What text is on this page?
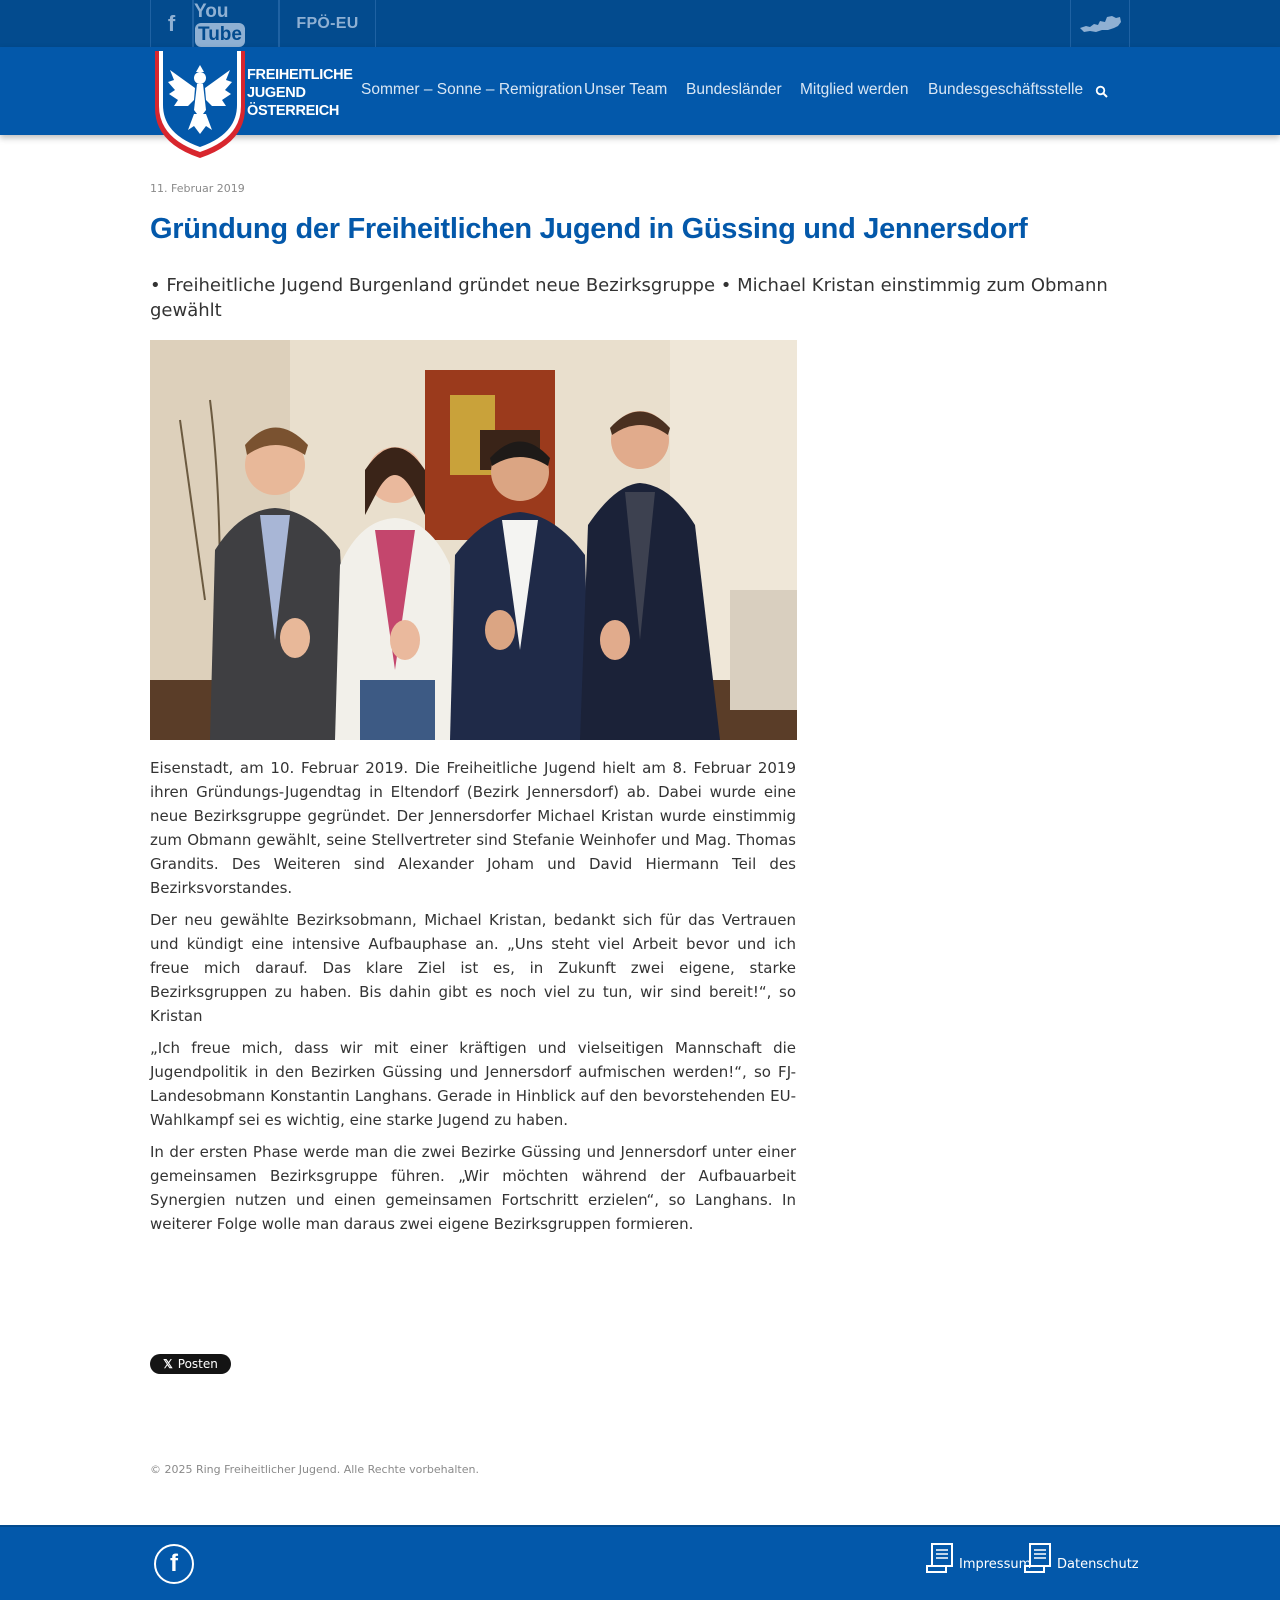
f YouTube
FPÖ-EU
FREIHEITLICHE
JUGEND
ÖSTERREICH
Sommer – Sonne – Remigration Unser Team Bundesländer Mitglied werden Bundesgeschäftsstelle
11. Februar 2019
Gründung der Freiheitlichen Jugend in Güssing und Jennersdorf

• Freiheitliche Jugend Burgenland gründet neue Bezirksgruppe • Michael Kristan einstimmig zum Obmann gewählt

Eisenstadt, am 10. Februar 2019. Die Freiheitliche Jugend hielt am 8. Februar 2019 ihren Gründungs-Jugendtag in Eltendorf (Bezirk Jennersdorf) ab. Dabei wurde eine neue Bezirksgruppe gegründet. Der Jennersdorfer Michael Kristan wurde einstimmig zum Obmann gewählt, seine Stellvertreter sind Stefanie Weinhofer und Mag. Thomas Grandits. Des Weiteren sind Alexander Joham und David Hiermann Teil des Bezirksvorstandes.

Der neu gewählte Bezirksobmann, Michael Kristan, bedankt sich für das Vertrauen und kündigt eine intensive Aufbauphase an. „Uns steht viel Arbeit bevor und ich freue mich darauf. Das klare Ziel ist es, in Zukunft zwei eigene, starke Bezirksgruppen zu haben. Bis dahin gibt es noch viel zu tun, wir sind bereit!“, so Kristan

„Ich freue mich, dass wir mit einer kräftigen und vielseitigen Mannschaft die Jugendpolitik in den Bezirken Güssing und Jennersdorf aufmischen werden!“, so FJ-Landesobmann Konstantin Langhans. Gerade in Hinblick auf den bevorstehenden EU-Wahlkampf sei es wichtig, eine starke Jugend zu haben.

In der ersten Phase werde man die zwei Bezirke Güssing und Jennersdorf unter einer gemeinsamen Bezirksgruppe führen. „Wir möchten während der Aufbauarbeit Synergien nutzen und einen gemeinsamen Fortschritt erzielen“, so Langhans. In weiterer Folge wolle man daraus zwei eigene Bezirksgruppen formieren.

𝕏 Posten
© 2025 Ring Freiheitlicher Jugend. Alle Rechte vorbehalten.
f	Impressum Datenschutz
